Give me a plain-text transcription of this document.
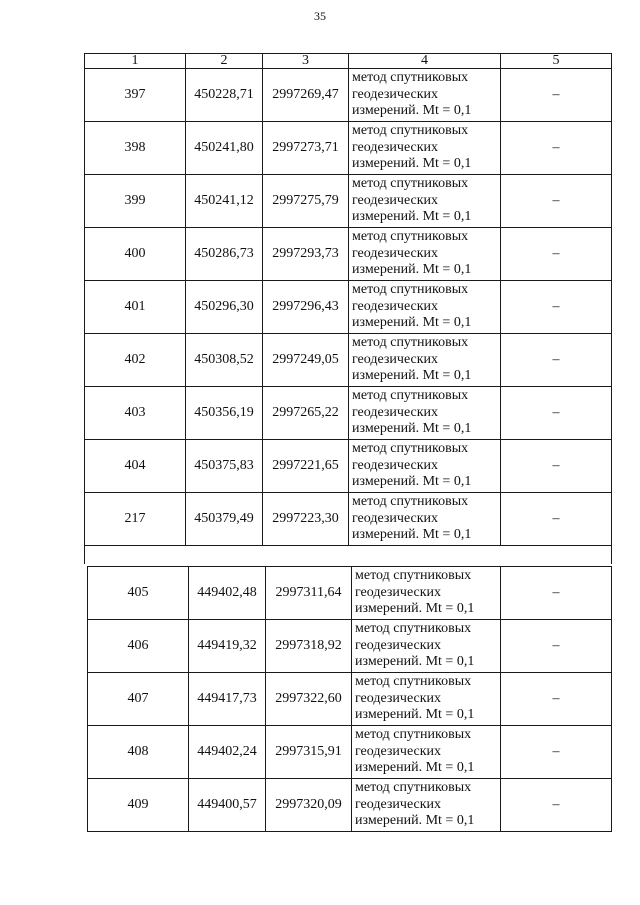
35
1	2	3	4	5
397	450228,71	2997269,47	метод спутниковых
геодезических
измерений. Mt = 0,1	–
398	450241,80	2997273,71	метод спутниковых
геодезических
измерений. Mt = 0,1	–
399	450241,12	2997275,79	метод спутниковых
геодезических
измерений. Mt = 0,1	–
400	450286,73	2997293,73	метод спутниковых
геодезических
измерений. Mt = 0,1	–
401	450296,30	2997296,43	метод спутниковых
геодезических
измерений. Mt = 0,1	–
402	450308,52	2997249,05	метод спутниковых
геодезических
измерений. Mt = 0,1	–
403	450356,19	2997265,22	метод спутниковых
геодезических
измерений. Mt = 0,1	–
404	450375,83	2997221,65	метод спутниковых
геодезических
измерений. Mt = 0,1	–
217	450379,49	2997223,30	метод спутниковых
геодезических
измерений. Mt = 0,1	–

405	449402,48	2997311,64	метод спутниковых
геодезических
измерений. Mt = 0,1	–
406	449419,32	2997318,92	метод спутниковых
геодезических
измерений. Mt = 0,1	–
407	449417,73	2997322,60	метод спутниковых
геодезических
измерений. Mt = 0,1	–
408	449402,24	2997315,91	метод спутниковых
геодезических
измерений. Mt = 0,1	–
409	449400,57	2997320,09	метод спутниковых
геодезических
измерений. Mt = 0,1	–
